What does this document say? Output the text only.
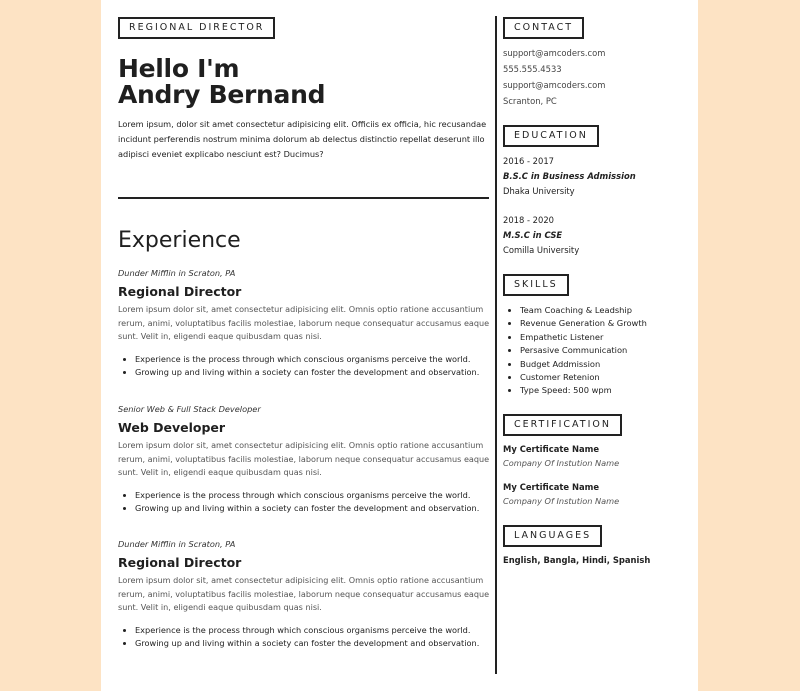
REGIONAL DIRECTOR
Hello I'm
Andry Bernand
Lorem ipsum, dolor sit amet consectetur adipisicing elit. Officiis ex officia, hic recusandae incidunt perferendis nostrum minima dolorum ab delectus distinctio repellat deserunt illo adipisci eveniet explicabo nesciunt est? Ducimus?
Experience
Dunder Mifflin in Scraton, PA
Regional Director
Lorem ipsum dolor sit, amet consectetur adipisicing elit. Omnis optio ratione accusantium rerum, animi, voluptatibus facilis molestiae, laborum neque consequatur accusamus eaque sunt. Velit in, eligendi eaque quibusdam quas nisi.
• Experience is the process through which conscious organisms perceive the world.
• Growing up and living within a society can foster the development and observation.
Senior Web & Full Stack Developer
Web Developer
Lorem ipsum dolor sit, amet consectetur adipisicing elit. Omnis optio ratione accusantium rerum, animi, voluptatibus facilis molestiae, laborum neque consequatur accusamus eaque sunt. Velit in, eligendi eaque quibusdam quas nisi.
• Experience is the process through which conscious organisms perceive the world.
• Growing up and living within a society can foster the development and observation.
Dunder Mifflin in Scraton, PA
Regional Director
Lorem ipsum dolor sit, amet consectetur adipisicing elit. Omnis optio ratione accusantium rerum, animi, voluptatibus facilis molestiae, laborum neque consequatur accusamus eaque sunt. Velit in, eligendi eaque quibusdam quas nisi.
• Experience is the process through which conscious organisms perceive the world.
• Growing up and living within a society can foster the development and observation.
CONTACT
support@amcoders.com
555.555.4533
support@amcoders.com
Scranton, PC
EDUCATION
2016 - 2017
B.S.C in Business Admission
Dhaka University
2018 - 2020
M.S.C in CSE
Comilla University
SKILLS
• Team Coaching & Leadship
• Revenue Generation & Growth
• Empathetic Listener
• Persasive Communication
• Budget Addmission
• Customer Retenion
• Type Speed: 500 wpm
CERTIFICATION
My Certificate Name
Company Of Instution Name
My Certificate Name
Company Of Instution Name
LANGUAGES
English, Bangla, Hindi, Spanish
